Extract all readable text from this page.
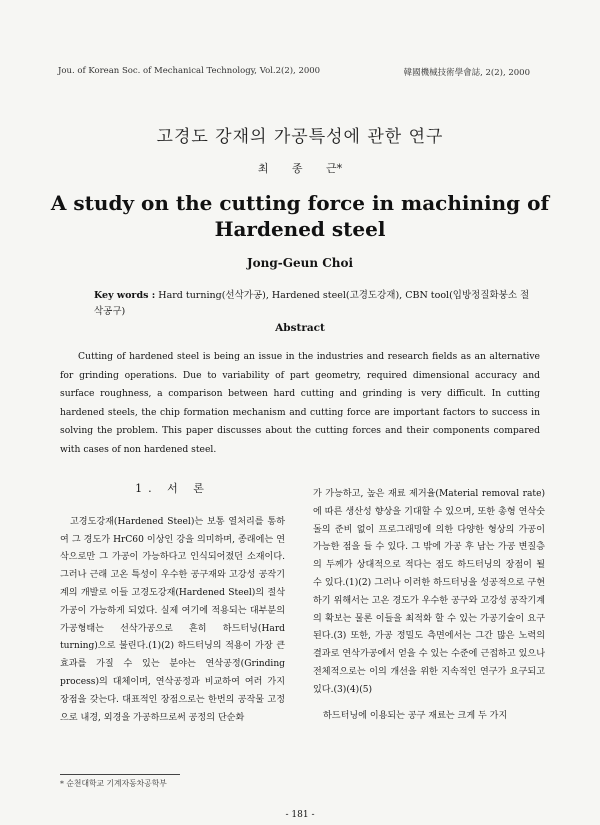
Jou. of Korean Soc. of Mechanical Technology, Vol.2(2), 2000	韓國機械技術學會誌, 2(2), 2000
고경도 강재의 가공특성에 관한 연구
최 종 근*
A study on the cutting force in machining of Hardened steel
Jong-Geun Choi
Key words : Hard turning(선삭가공), Hardened steel(고경도강재), CBN tool(입방정질화붕소 절삭공구)
Abstract
Cutting of hardened steel is being an issue in the industries and research fields as an alternative for grinding operations. Due to variability of part geometry, required dimensional accuracy and surface roughness, a comparison between hard cutting and grinding is very difficult. In cutting hardened steels, the chip formation mechanism and cutting force are important factors to success in solving the problem. This paper discusses about the cutting forces and their components compared with cases of non hardened steel.
1. 서 론

고경도강재(Hardened Steel)는 보통 열처리를 통하여 그 경도가 HrC60 이상인 강을 의미하며, 종래에는 연삭으로만 그 가공이 가능하다고 인식되어졌던 소재이다. 그러나 근래 고온 특성이 우수한 공구재와 고강성 공작기계의 개발로 이들 고경도강재(Hardened Steel)의 절삭가공이 가능하게 되었다. 실제 여기에 적용되는 대부분의 가공형태는 선삭가공으로 흔히 하드터닝(Hard turning)으로 불린다.(1)(2) 하드터닝의 적용이 가장 큰 효과를 가질 수 있는 분야는 연삭공정(Grinding process)의 대체이며, 연삭공정과 비교하여 여러 가지 장점을 갖는다. 대표적인 장점으로는 한번의 공작물 고정으로 내경, 외경을 가공하므로써 공정의 단순화

가 가능하고, 높은 재료 제거율(Material removal rate)에 따른 생산성 향상을 기대할 수 있으며, 또한 총형 연삭숫돌의 준비 없이 프로그래밍에 의한 다양한 형상의 가공이 가능한 점을 들 수 있다. 그 밖에 가공 후 남는 가공 변질층의 두께가 상대적으로 적다는 점도 하드터닝의 장점이 될 수 있다.(1)(2) 그러나 이러한 하드터닝을 성공적으로 구현하기 위해서는 고온 경도가 우수한 공구와 고강성 공작기계의 확보는 물론 이들을 최적화 할 수 있는 가공기술이 요구된다.(3) 또한, 가공 정밀도 측면에서는 그간 많은 노력의 결과로 연삭가공에서 얻을 수 있는 수준에 근접하고 있으나 전체적으로는 이의 개선을 위한 지속적인 연구가 요구되고 있다.(3)(4)(5)

하드터닝에 이용되는 공구 재료는 크게 두 가지

* 순천대학교 기계자동차공학부
- 181 -
